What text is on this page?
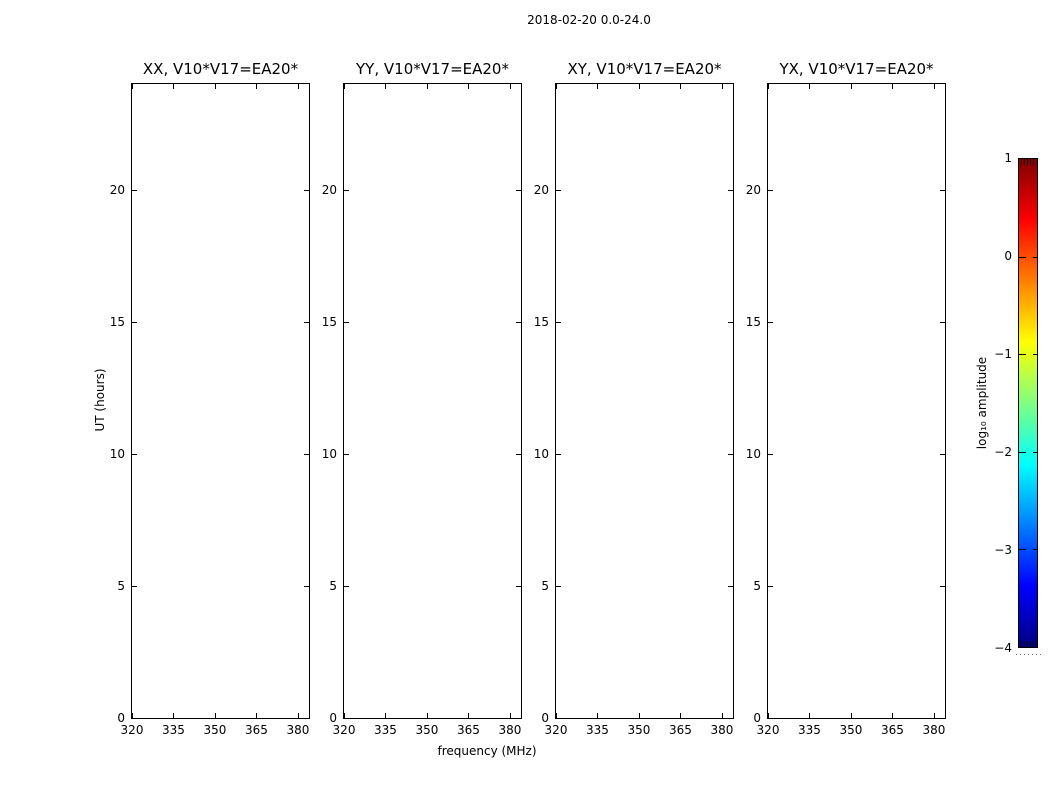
2018-02-20 0.0-24.0
XX, V10*V17=EA20*
320 335 350 365 380
0
5
10
15
20
YY, V10*V17=EA20*
320 335 350 365 380
0
5
10
15
20
XY, V10*V17=EA20*
320 335 350 365 380
0
5
10
15
20
YX, V10*V17=EA20*
320 335 350 365 380
0
5
10
15
20
frequency (MHz)
UT (hours)
1
0
−1
−2
−3
−4
log₁₀ amplitude
